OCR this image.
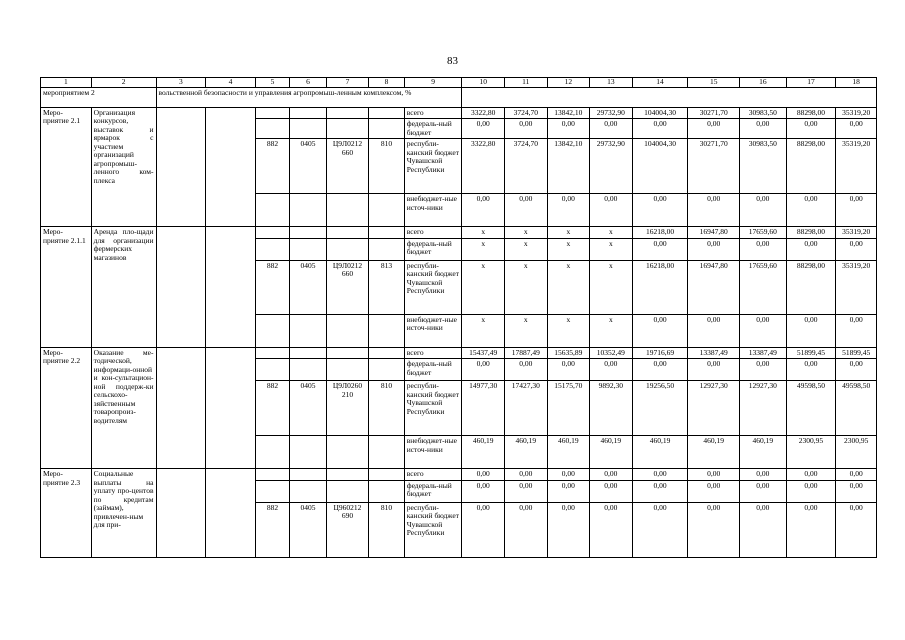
83
1	2	3	4	5	6	7	8	9	10	11	12	13	14	15	16	17	18
мероприятием 2		вольственной безопасности и управления агропромыш-ленным комплексом, %															
Меро-приятие 2.1	Организация конкурсов, выставок и ярмарок с участием организаций агропромыш-ленного ком-плекса							всего	3322,80	3724,70	13842,10	29732,90	104004,30	30271,70	30983,50	88298,00	35319,20
								федераль-ный бюджет	0,00	0,00	0,00	0,00	0,00	0,00	0,00	0,00	0,00
				882	0405	Ц9Л0212 660	810	республи-канский бюджет Чувашской Республики	3322,80	3724,70	13842,10	29732,90	104004,30	30271,70	30983,50	88298,00	35319,20
								внебюджет-ные источ-ники	0,00	0,00	0,00	0,00	0,00	0,00	0,00	0,00	0,00
Меро-приятие 2.1.1	Аренда пло-щади для организации фермерских магазинов							всего	х	х	х	х	16218,00	16947,80	17659,60	88298,00	35319,20
								федераль-ный бюджет	х	х	х	х	0,00	0,00	0,00	0,00	0,00
				882	0405	Ц9Л0212 660	813	республи-канский бюджет Чувашской Республики	х	х	х	х	16218,00	16947,80	17659,60	88298,00	35319,20
								внебюджет-ные источ-ники	х	х	х	х	0,00	0,00	0,00	0,00	0,00
Меро-приятие 2.2	Оказание ме-тодической, информаци-онной и кон-сультацион-ной поддерж-ки сельскохо-зяйственным товаропроиз-водителям							всего	15437,49	17887,49	15635,89	10352,49	19716,69	13387,49	13387,49	51899,45	51899,45
								федераль-ный бюджет	0,00	0,00	0,00	0,00	0,00	0,00	0,00	0,00	0,00
				882	0405	Ц9Л0260 210	810	республи-канский бюджет Чувашской Республики	14977,30	17427,30	15175,70	9892,30	19256,50	12927,30	12927,30	49598,50	49598,50
								внебюджет-ные источ-ники	460,19	460,19	460,19	460,19	460,19	460,19	460,19	2300,95	2300,95
Меро-приятие 2.3	Социальные выплаты на уплату про-центов по кредитам (займам), привлечен-ным для при-							всего	0,00	0,00	0,00	0,00	0,00	0,00	0,00	0,00	0,00
								федераль-ный бюджет	0,00	0,00	0,00	0,00	0,00	0,00	0,00	0,00	0,00
				882	0405	Ц960212 690	810	республи-канский бюджет Чувашской Республики	0,00	0,00	0,00	0,00	0,00	0,00	0,00	0,00	0,00
